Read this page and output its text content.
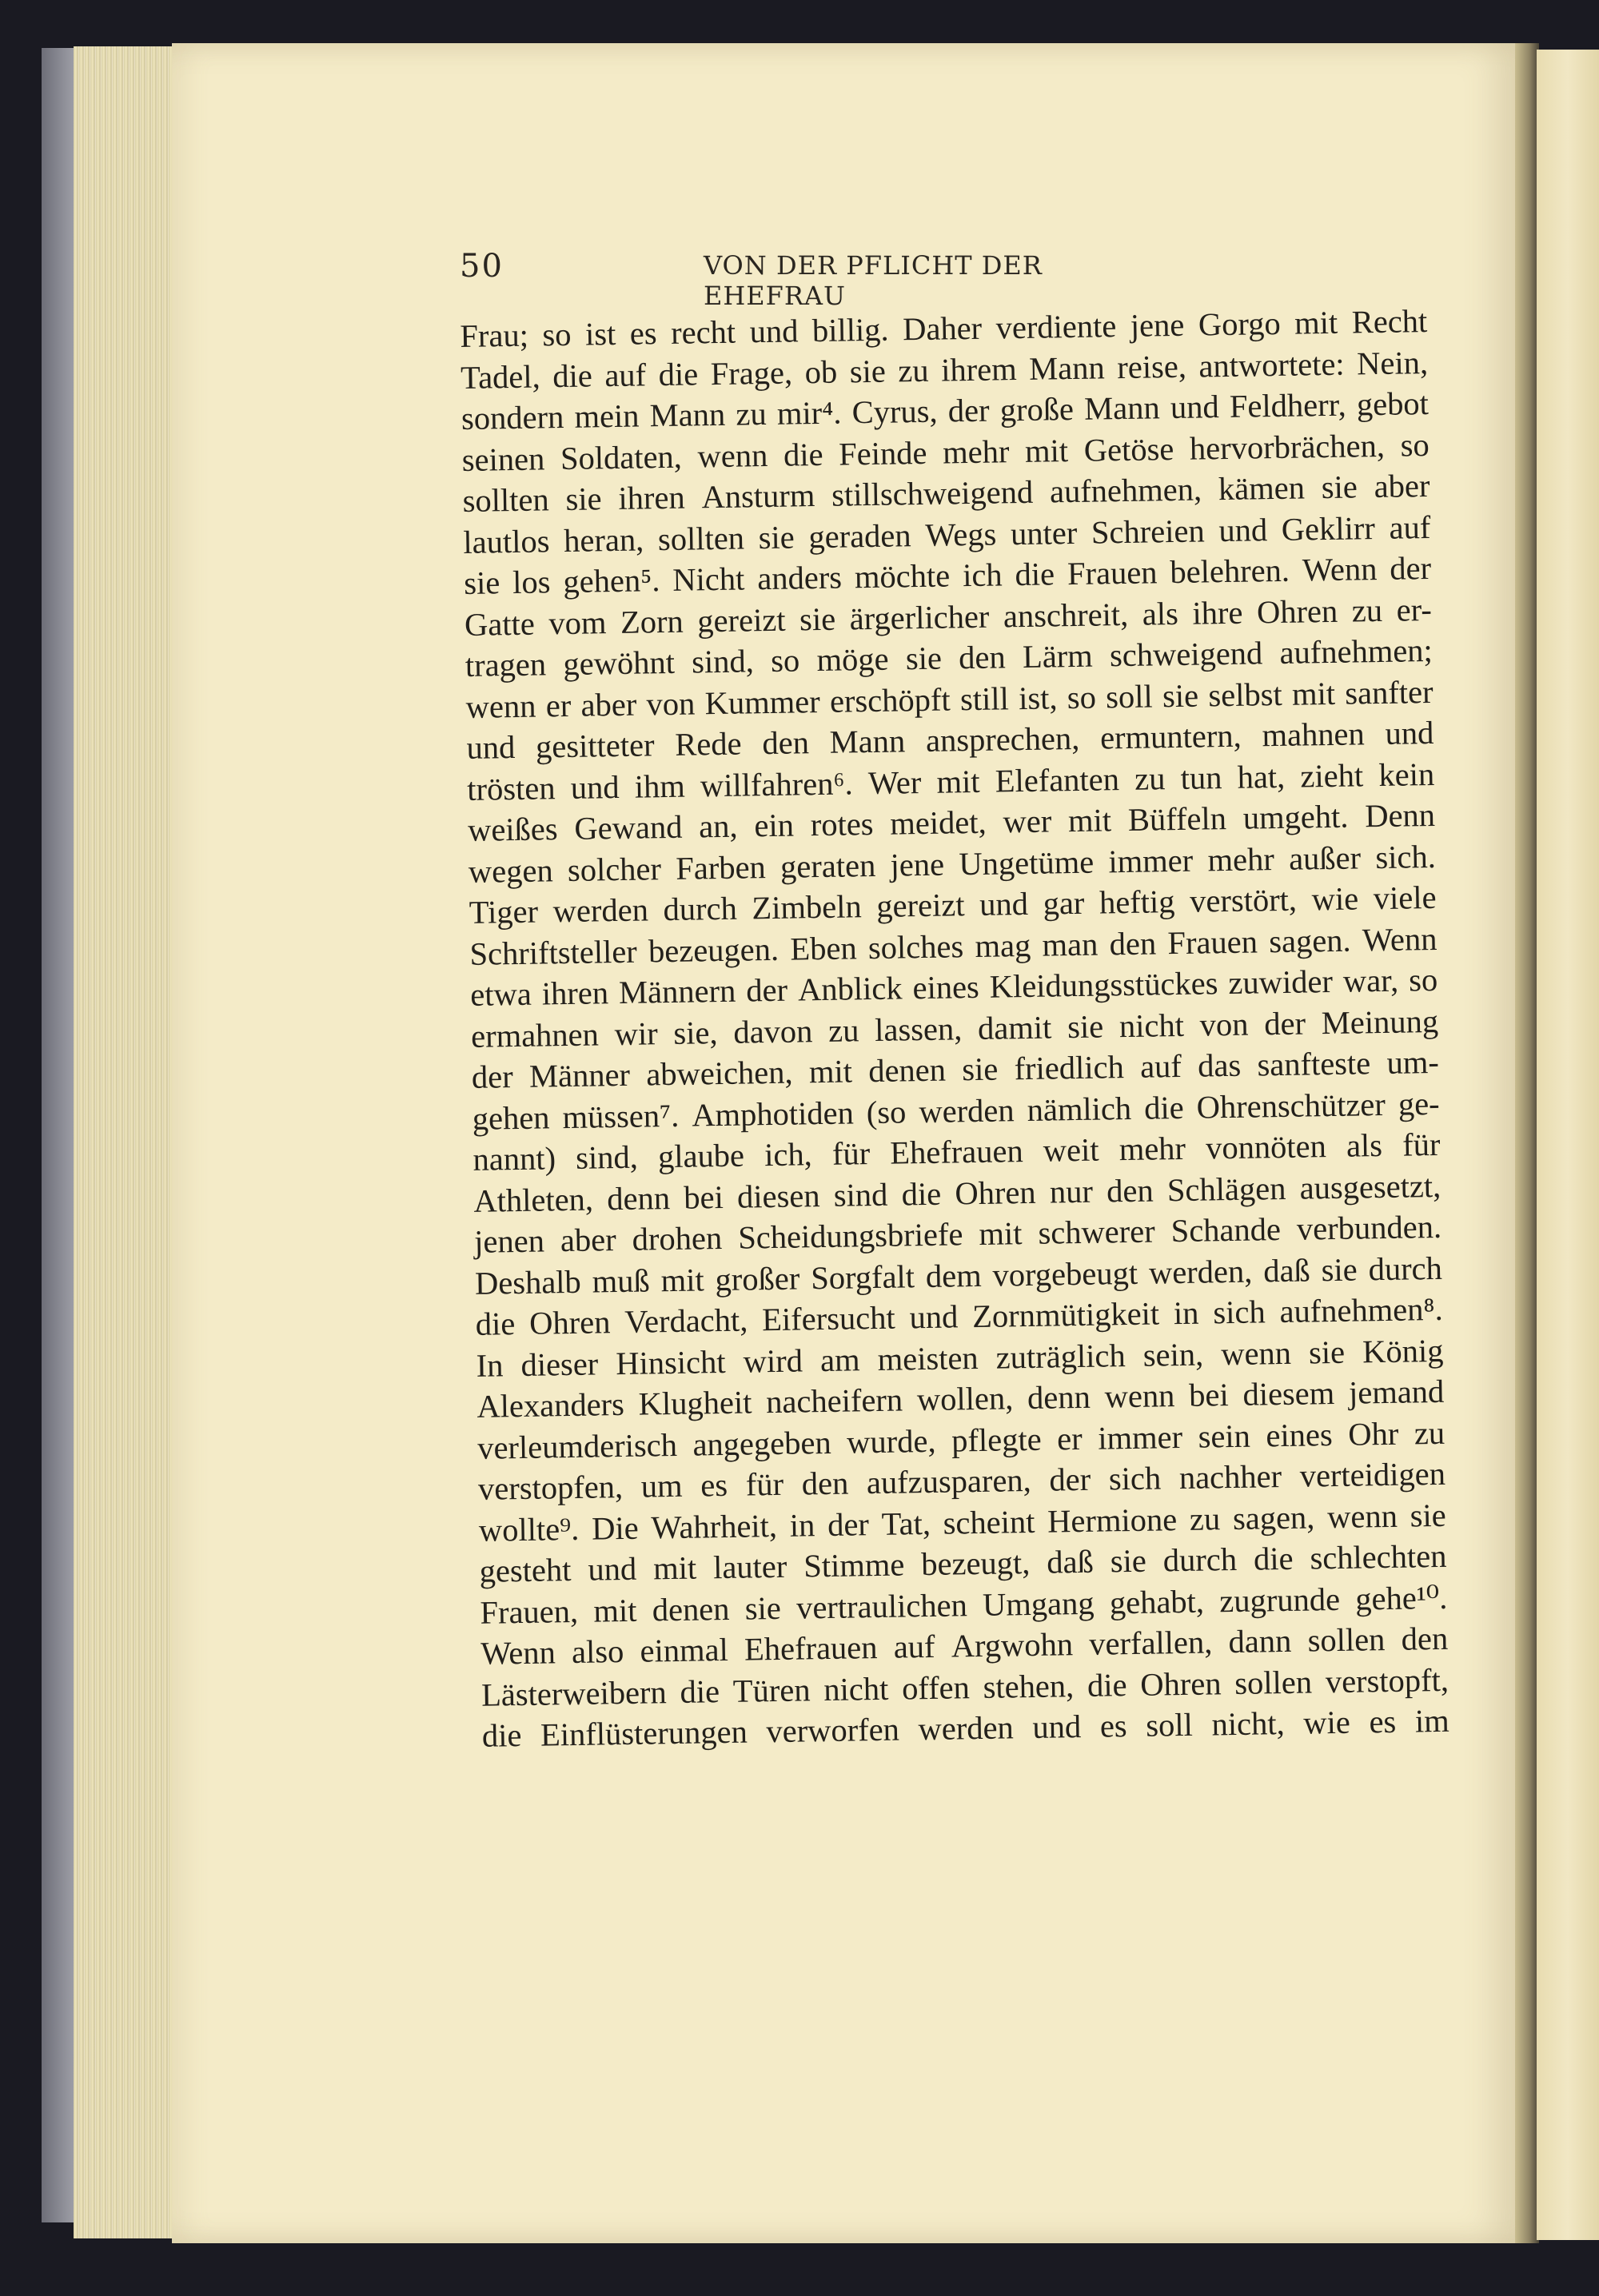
50	VON DER PFLICHT DER EHEFRAU
Frau; so ist es recht und billig. Daher verdiente jene Gorgo mit Recht
Tadel, die auf die Frage, ob sie zu ihrem Mann reise, antwortete: Nein,
sondern mein Mann zu mir⁴. Cyrus, der große Mann und Feldherr, gebot
seinen Soldaten, wenn die Feinde mehr mit Getöse hervorbrächen, so
sollten sie ihren Ansturm stillschweigend aufnehmen, kämen sie aber
lautlos heran, sollten sie geraden Wegs unter Schreien und Geklirr auf
sie los gehen⁵. Nicht anders möchte ich die Frauen belehren. Wenn der
Gatte vom Zorn gereizt sie ärgerlicher anschreit, als ihre Ohren zu er-
tragen gewöhnt sind, so möge sie den Lärm schweigend aufnehmen;
wenn er aber von Kummer erschöpft still ist, so soll sie selbst mit sanfter
und gesitteter Rede den Mann ansprechen, ermuntern, mahnen und
trösten und ihm willfahren⁶. Wer mit Elefanten zu tun hat, zieht kein
weißes Gewand an, ein rotes meidet, wer mit Büffeln umgeht. Denn
wegen solcher Farben geraten jene Ungetüme immer mehr außer sich.
Tiger werden durch Zimbeln gereizt und gar heftig verstört, wie viele
Schriftsteller bezeugen. Eben solches mag man den Frauen sagen. Wenn
etwa ihren Männern der Anblick eines Kleidungsstückes zuwider war, so
ermahnen wir sie, davon zu lassen, damit sie nicht von der Meinung
der Männer abweichen, mit denen sie friedlich auf das sanfteste um-
gehen müssen⁷. Amphotiden (so werden nämlich die Ohrenschützer ge-
nannt) sind, glaube ich, für Ehefrauen weit mehr vonnöten als für
Athleten, denn bei diesen sind die Ohren nur den Schlägen ausgesetzt,
jenen aber drohen Scheidungsbriefe mit schwerer Schande verbunden.
Deshalb muß mit großer Sorgfalt dem vorgebeugt werden, daß sie durch
die Ohren Verdacht, Eifersucht und Zornmütigkeit in sich aufnehmen⁸.
In dieser Hinsicht wird am meisten zuträglich sein, wenn sie König
Alexanders Klugheit nacheifern wollen, denn wenn bei diesem jemand
verleumderisch angegeben wurde, pflegte er immer sein eines Ohr zu
verstopfen, um es für den aufzusparen, der sich nachher verteidigen
wollte⁹. Die Wahrheit, in der Tat, scheint Hermione zu sagen, wenn sie
gesteht und mit lauter Stimme bezeugt, daß sie durch die schlechten
Frauen, mit denen sie vertraulichen Umgang gehabt, zugrunde gehe¹⁰.
Wenn also einmal Ehefrauen auf Argwohn verfallen, dann sollen den
Lästerweibern die Türen nicht offen stehen, die Ohren sollen verstopft,
die Einflüsterungen verworfen werden und es soll nicht, wie es im
